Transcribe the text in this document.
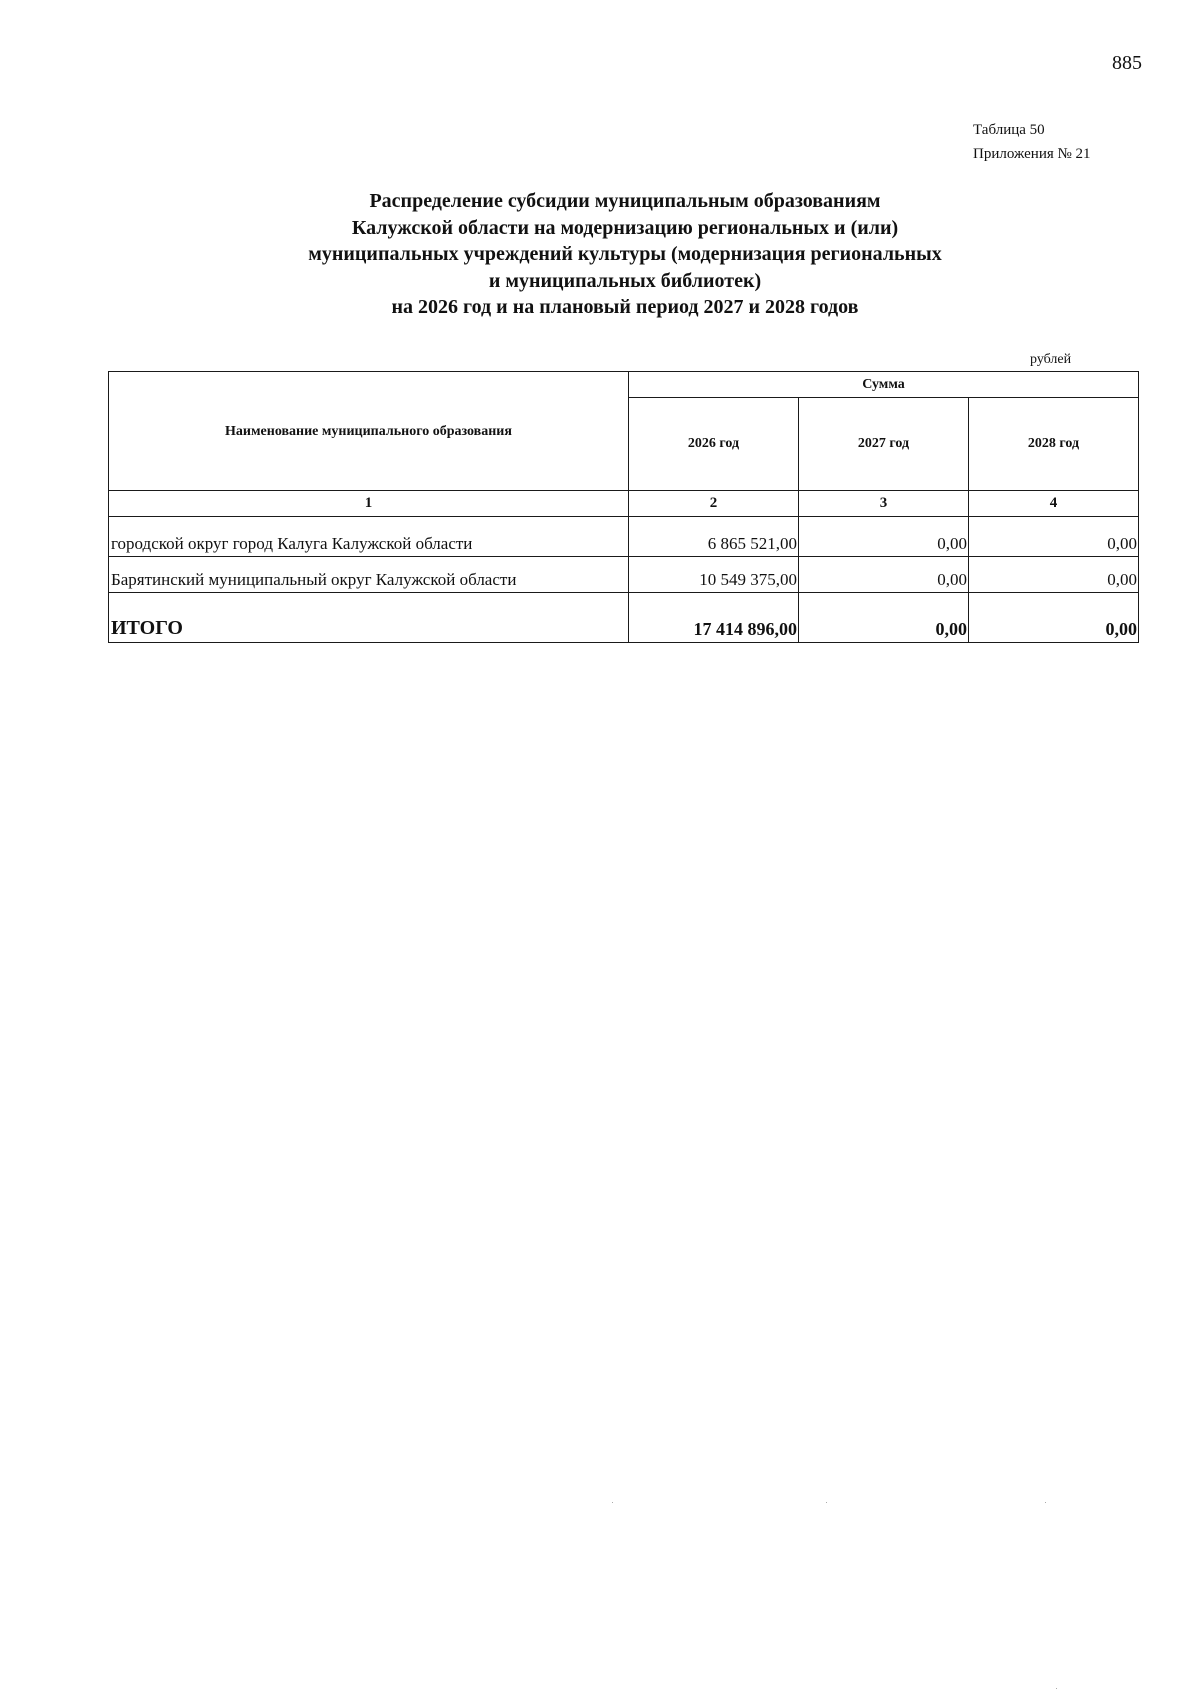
885
Таблица 50
Приложения № 21
Распределение субсидии муниципальным образованиям
Калужской области на модернизацию региональных и (или)
муниципальных учреждений культуры (модернизация региональных
и муниципальных библиотек)
на 2026 год и на плановый период 2027 и 2028 годов
рублей
Наименование муниципального образования	Сумма		
	2026 год	2027 год	2028 год
1	2	3	4
городской округ город Калуга Калужской области	6 865 521,00	0,00	0,00
Барятинский муниципальный округ Калужской области	10 549 375,00	0,00	0,00
ИТОГО	17 414 896,00	0,00	0,00
